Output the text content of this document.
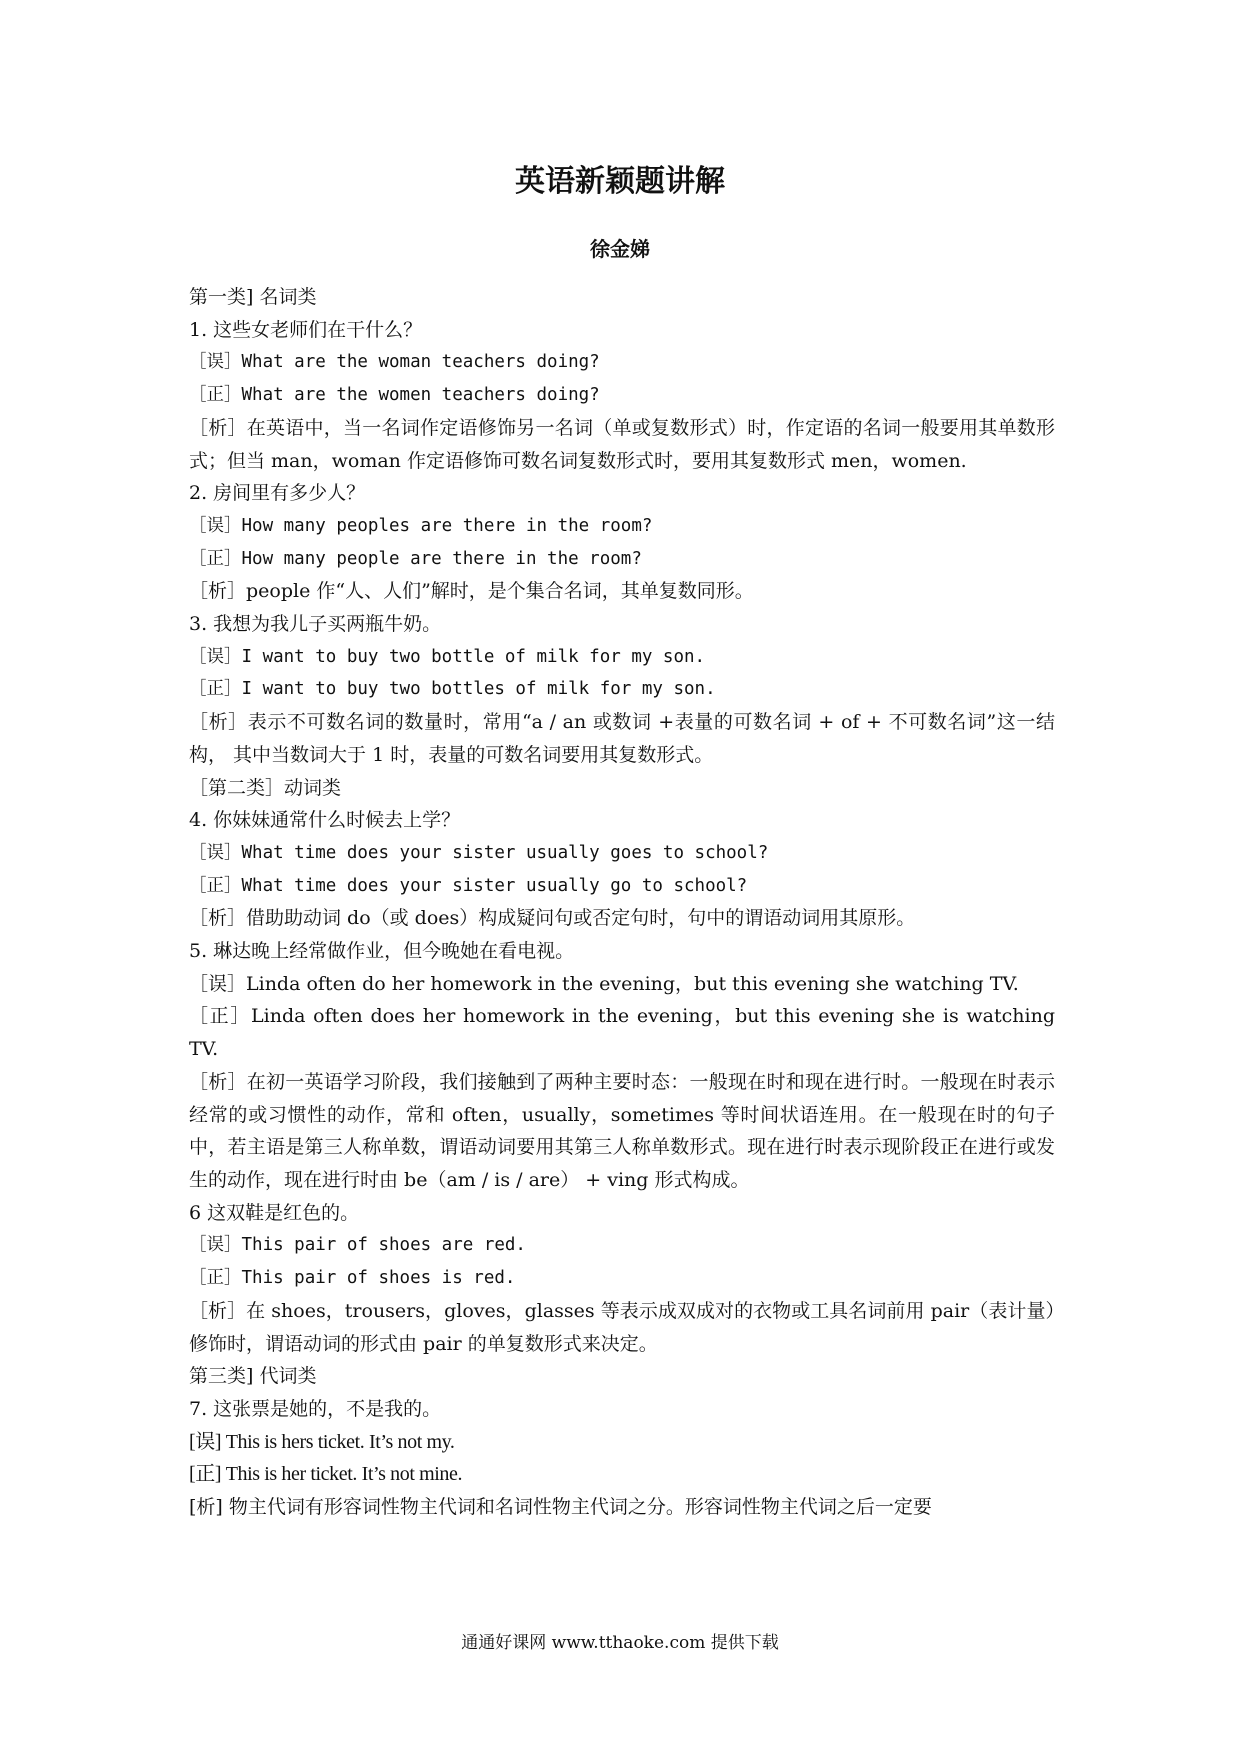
英语新颖题讲解
徐金娣

第一类] 名词类

1. 这些女老师们在干什么？

［误］What are the woman teachers doing?

［正］What are the women teachers doing?

［析］在英语中，当一名词作定语修饰另一名词（单或复数形式）时，作定语的名词一般要用其单数形式；但当 man，woman 作定语修饰可数名词复数形式时，要用其复数形式 men，women.

2. 房间里有多少人？

［误］How many peoples are there in the room?

［正］How many people are there in the room?

［析］people 作“人、人们”解时，是个集合名词，其单复数同形。

3. 我想为我儿子买两瓶牛奶。

［误］I want to buy two bottle of milk for my son.

［正］I want to buy two bottles of milk for my son.

［析］表示不可数名词的数量时，常用“a / an 或数词 +表量的可数名词 + of + 不可数名词”这一结构， 其中当数词大于 1 时，表量的可数名词要用其复数形式。

［第二类］动词类

4. 你妹妹通常什么时候去上学？

［误］What time does your sister usually goes to school?

［正］What time does your sister usually go to school?

［析］借助助动词 do（或 does）构成疑问句或否定句时，句中的谓语动词用其原形。

5. 琳达晚上经常做作业，但今晚她在看电视。

［误］Linda often do her homework in the evening，but this evening she watching TV.

［正］Linda often does her homework in the evening，but this evening she is watching TV.

［析］在初一英语学习阶段，我们接触到了两种主要时态：一般现在时和现在进行时。一般现在时表示经常的或习惯性的动作，常和 often，usually，sometimes 等时间状语连用。在一般现在时的句子中，若主语是第三人称单数，谓语动词要用其第三人称单数形式。现在进行时表示现阶段正在进行或发生的动作，现在进行时由 be（am / is / are） + ving 形式构成。

6 这双鞋是红色的。

［误］This pair of shoes are red.

［正］This pair of shoes is red.

［析］在 shoes，trousers，gloves，glasses 等表示成双成对的衣物或工具名词前用 pair（表计量）修饰时，谓语动词的形式由 pair 的单复数形式来决定。

第三类] 代词类

7. 这张票是她的，不是我的。

[误] This is hers ticket. It’s not my.

[正] This is her ticket. It’s not mine.

[析] 物主代词有形容词性物主代词和名词性物主代词之分。形容词性物主代词之后一定要

通通好课网 www.tthaoke.com 提供下载
